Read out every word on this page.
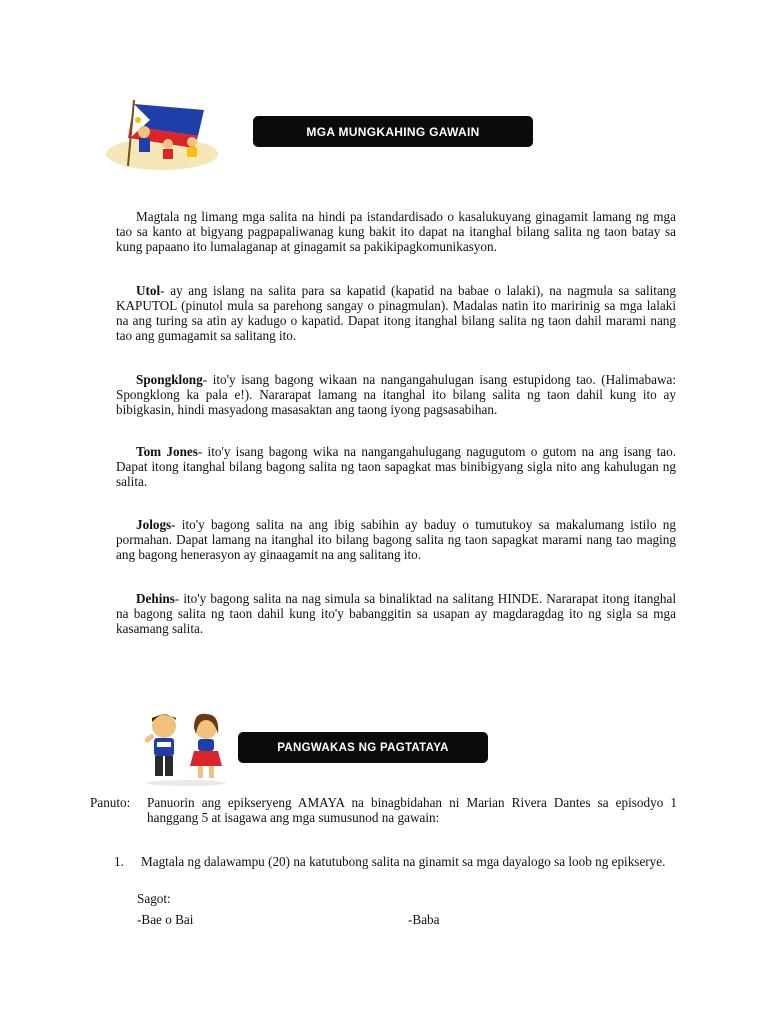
MGA MUNGKAHING GAWAIN

Magtala ng limang mga salita na hindi pa istandardisado o kasalukuyang ginagamit lamang ng mga tao sa kanto at bigyang pagpapaliwanag kung bakit ito dapat na itanghal bilang salita ng taon batay sa kung papaano ito lumalaganap at ginagamit sa pakikipagkomunikasyon.

Utol- ay ang islang na salita para sa kapatid (kapatid na babae o lalaki), na nagmula sa salitang KAPUTOL (pinutol mula sa parehong sangay o pinagmulan). Madalas natin ito maririnig sa mga lalaki na ang turing sa atin ay kadugo o kapatid. Dapat itong itanghal bilang salita ng taon dahil marami nang tao ang gumagamit sa salitang ito.

Spongklong- ito'y isang bagong wikaan na nangangahulugan isang estupidong tao. (Halimabawa: Spongklong ka pala e!). Nararapat lamang na itanghal ito bilang salita ng taon dahil kung ito ay bibigkasin, hindi masyadong masasaktan ang taong iyong pagsasabihan.

Tom Jones- ito'y isang bagong wika na nangangahulugang nagugutom o gutom na ang isang tao. Dapat itong itanghal bilang bagong salita ng taon sapagkat mas binibigyang sigla nito ang kahulugan ng salita.

Jologs- ito'y bagong salita na ang ibig sabihin ay baduy o tumutukoy sa makalumang istilo ng pormahan. Dapat lamang na itanghal ito bilang bagong salita ng taon sapagkat marami nang tao maging ang bagong henerasyon ay ginaagamit na ang salitang ito.

Dehins- ito'y bagong salita na nag simula sa binaliktad na salitang HINDE. Nararapat itong itanghal na bagong salita ng taon dahil kung ito'y babanggitin sa usapan ay magdaragdag ito ng sigla sa mga kasamang salita.

PANGWAKAS NG PAGTATAYA
Panuto: Panuorin ang epikseryeng AMAYA na binagbidahan ni Marian Rivera Dantes sa episodyo 1 hanggang 5 at isagawa ang mga sumusunod na gawain:

1.	Magtala ng dalawampu (20) na katutubong salita na ginamit sa mga dayalogo sa loob ng epikserye.

Sagot:
-Bae o Bai	-Baba
